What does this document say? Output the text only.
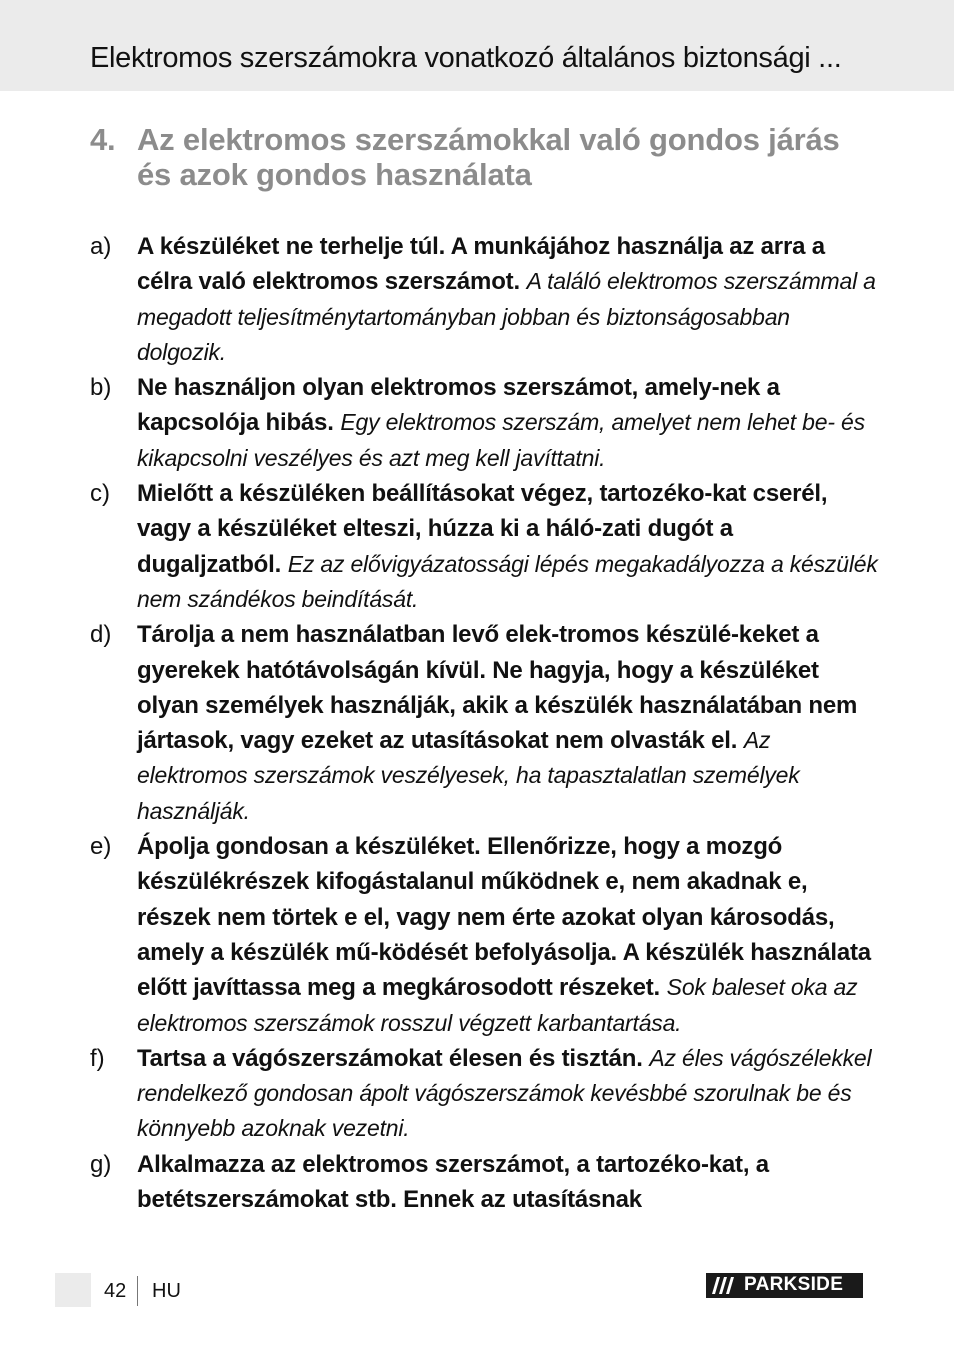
Elektromos szerszámokra vonatkozó általános biztonsági ...
4. Az elektromos szerszámokkal való gondos járás és azok gondos használata
a) A készüléket ne terhelje túl. A munkájához használja az arra a célra való elektromos szerszámot. A találó elektromos szerszámmal a megadott teljesítménytartományban jobban és biztonságosabban dolgozik.
b) Ne használjon olyan elektromos szerszámot, amely-nek a kapcsolója hibás. Egy elektromos szerszám, amelyet nem lehet be- és kikapcsolni veszélyes és azt meg kell javíttatni.
c) Mielőtt a készüléken beállításokat végez, tartozéko-kat cserél, vagy a készüléket elteszi, húzza ki a háló-zati dugót a dugaljzatból. Ez az elővigyázatossági lépés megakadályozza a készülék nem szándékos beindítását.
d) Tárolja a nem használatban levő elek-tromos készülé-keket a gyerekek hatótávolságán kívül. Ne hagyja, hogy a készüléket olyan személyek használják, akik a készülék használatában nem jártasok, vagy ezeket az utasításokat nem olvasták el. Az elektromos szerszámok veszélyesek, ha tapasztalatlan személyek használják.
e) Ápolja gondosan a készüléket. Ellenőrizze, hogy a mozgó készülékrészek kifogástalanul működnek e, nem akadnak e, részek nem törtek e el, vagy nem érte azokat olyan károsodás, amely a készülék mű-ködését befolyásolja. A készülék használata előtt javíttassa meg a megkárosodott részeket. Sok baleset oka az elektromos szerszámok rosszul végzett karbantartása.
f) Tartsa a vágószerszámokat élesen és tisztán. Az éles vágószélekkel rendelkező gondosan ápolt vágószerszámok kevésbbé szorulnak be és könnyebb azoknak vezetni.
g) Alkalmazza az elektromos szerszámot, a tartozéko-kat, a betétszerszámokat stb. Ennek az utasításnak
42 HU	PARKSIDE
